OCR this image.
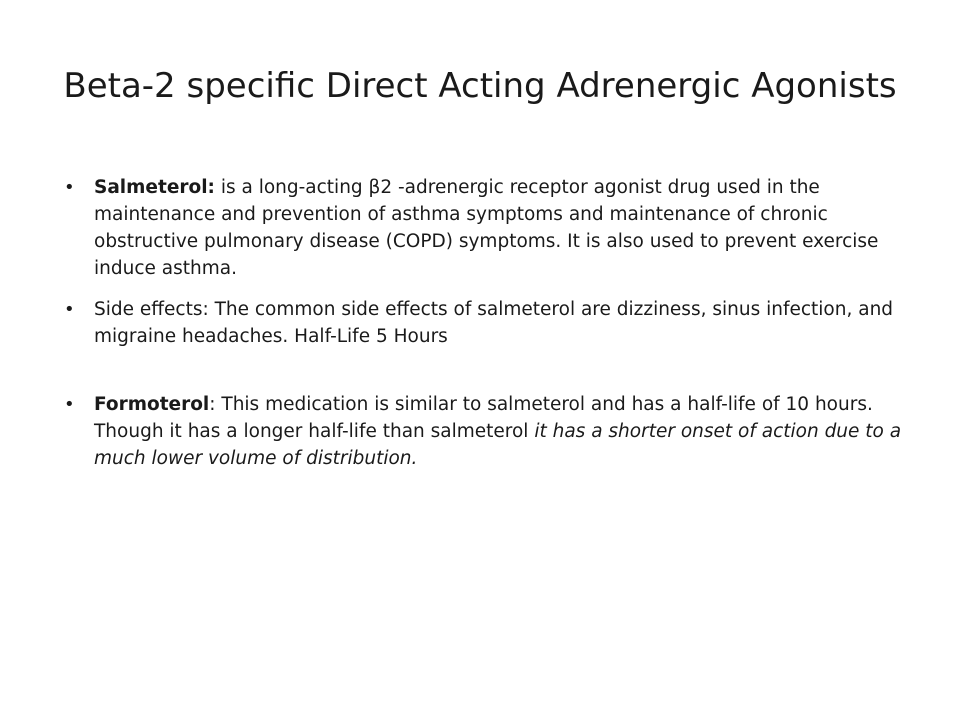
Beta-2 specific Direct Acting Adrenergic Agonists
• Salmeterol: is a long-acting β2 -adrenergic receptor agonist drug used in the maintenance and prevention of asthma symptoms and maintenance of chronic obstructive pulmonary disease (COPD) symptoms. It is also used to prevent exercise induce asthma.
• Side effects: The common side effects of salmeterol are dizziness, sinus infection, and migraine headaches. Half-Life 5 Hours
• Formoterol: This medication is similar to salmeterol and has a half-life of 10 hours. Though it has a longer half-life than salmeterol it has a shorter onset of action due to a much lower volume of distribution.
